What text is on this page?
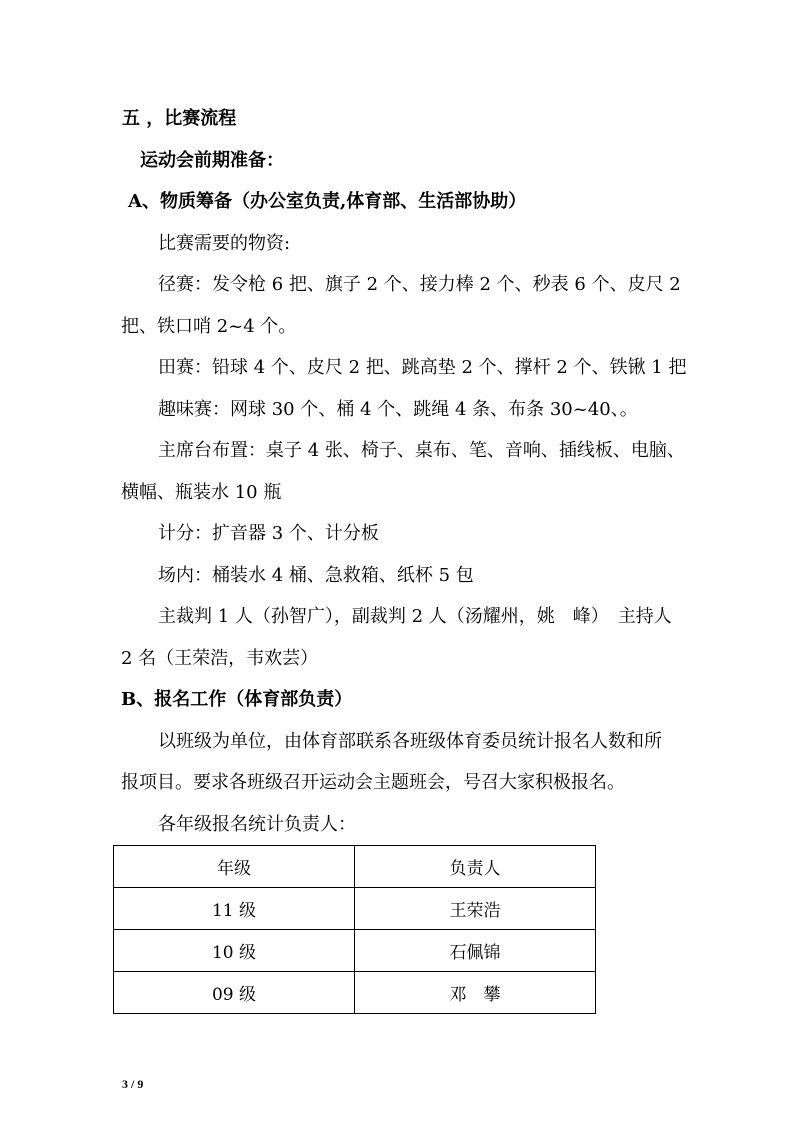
五 ，比赛流程
运动会前期准备：
A、物质筹备（办公室负责,体育部、生活部协助）
比赛需要的物资:
径赛：发令枪 6 把、旗子 2 个、接力棒 2 个、秒表 6 个、皮尺 2
把、铁口哨 2~4 个。
田赛：铅球 4 个、皮尺 2 把、跳高垫 2 个、撑杆 2 个、铁锹 1 把
趣味赛：网球 30 个、桶 4 个、跳绳 4 条、布条 30~40、。
主席台布置：桌子 4 张、椅子、桌布、笔、音响、插线板、电脑、
横幅、瓶装水 10 瓶
计分：扩音器 3 个、计分板
场内：桶装水 4 桶、急救箱、纸杯 5 包
主裁判 1 人（孙智广），副裁判 2 人（汤耀州，姚　峰）　主持人
2 名（王荣浩，韦欢芸）
B、报名工作（体育部负责）
以班级为单位，由体育部联系各班级体育委员统计报名人数和所
报项目。要求各班级召开运动会主题班会，号召大家积极报名。
各年级报名统计负责人：
年级	负责人
11 级	王荣浩
10 级	石佩锦
09 级	邓　攀
3 / 9
